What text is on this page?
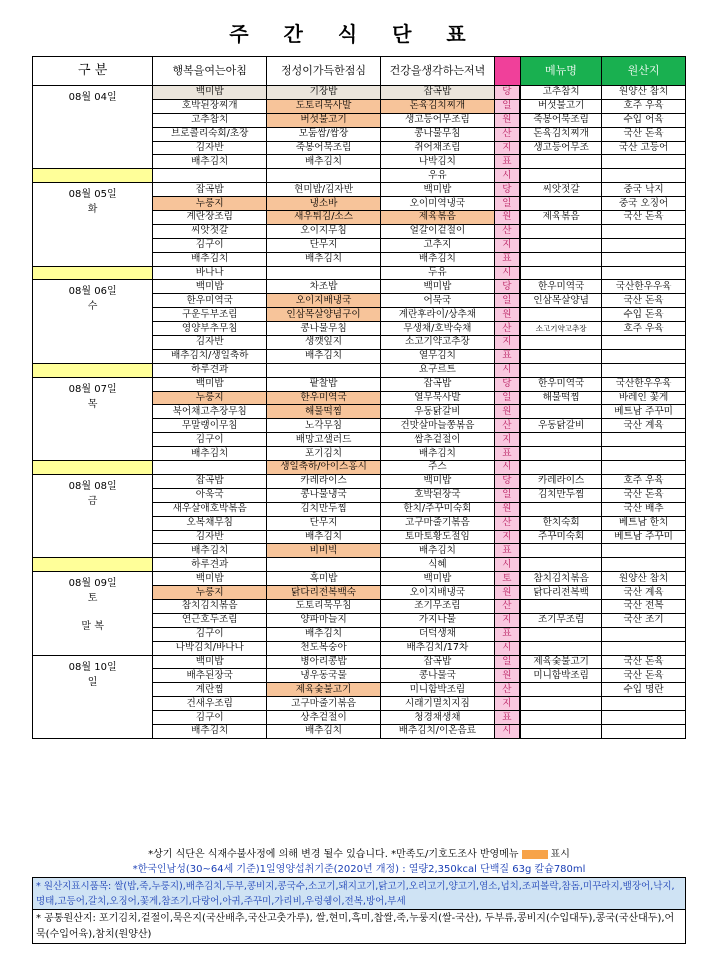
주 간 식 단 표
구 분	행복을여는아침	정성이가득한점심	건강을생각하는저녁		메뉴명	원산지

08월 04일	백미밥	기장밥	잡곡밥	당	고추참치	원양산 참치
	호박된장찌개	도토리묵사발	돈육김치찌개	일	버섯불고기	호주 우육
	고추참치	버섯불고기	생고등어무조림	원	죽봉어묵조림	수입 어육
	브로콜리숙회/초장	모둠쌈/쌈장	콩나물무침	산	돈육김치찌개	국산 돈육
	김자반	죽봉어묵조림	쥐어채조림	지	생고등어무조	국산 고등어
	배추김치	배추김치	나박김치	표		
			우유	시		

08월 05일
화	잡곡밥	현미밥/김자반	백미밥	당	씨앗젓갈	중국 낙지
	누룽지	냉소바	오이미역냉국	일		중국 오징어
	계란장조림	새우튀김/소스	제육볶음	원	제육볶음	국산 돈육
	씨앗젓갈	오이지무침	얼갈이겉절이	산		
	김구이	단무지	고추지	지		
	배추김치	배추김치	배추김치	표		
	바나나		두유	시		

08월 06일
수	백미밥	차조밥	백미밥	당	한우미역국	국산한우우육
	한우미역국	오이지배냉국	어묵국	일	인삼목살양념	국산 돈육
	구운두부조림	인삼목살양념구이	계란후라이/상추채	원		수입 돈육
	영양부추무침	콩나물무침	무생채/호박숙채	산	소고기약고추장	호주 우육
	김자반	생깻잎지	소고기약고추장	지		
	배추김치/생일축하	배추김치	열무김치	표		
	하루견과		요구르트	시		

08월 07일
목	백미밥	팥찰밥	잡곡밥	당	한우미역국	국산한우우육
	누룽지	한우미역국	열무묵사발	일	해물떡찜	바레인 꽃게
	북어채고추장무침	해물떡찜	우동닭갈비	원		베트남 주꾸미
	무말랭이무침	노각무침	건맛살마늘쫑볶음	산	우동닭갈비	국산 계육
	김구이	배망고샐러드	쌈추겉절이	지		
	배추김치	포기김치	배추김치	표		
		생일축하/아이스홍시	주스	시		

08월 08일
금	잡곡밥	카레라이스	백미밥	당	카레라이스	호주 우육
	아욱국	콩나물냉국	호박된장국	일	김치만두찜	국산 돈육
	새우살애호박볶음	김치만두찜	한치/주꾸미숙회	원		국산 배추
	오복채무침	단무지	고구마줄기볶음	산	한치숙회	베트남 한치
	김자반	배추김치	토마토황도절임	지	주꾸미숙회	베트남 주꾸미
	배추김치	비비빅	배추김치	표		
	하루견과		식혜	시		

08월 09일
토
말 복	백미밥	흑미밥	백미밥	토	참치김치볶음	원양산 참치
	누룽지	닭다리전복백숙	오이지배냉국	원	닭다리전복백	국산 계육
	참치김치볶음	도토리묵무침	조기무조림	산		국산 전복
	연근호두조림	양파마늘지	가지나물	지	조기무조림	국산 조기
	김구이	배추김치	더덕생채	표		
	나박김치/바나나	천도복숭아	배추김치/17차	시		

08월 10일
일	백미밥	병아리콩밥	잡곡밥	일	제육숯불고기	국산 돈육
	배추된장국	냉우동국물	콩나물국	원	미니함박조림	국산 돈육
	계란찜	제육숯불고기	미니함박조림	산		수입 명란
	건새우조림	고구마줄기볶음	시래기멸치지짐	지		
	김구이	상추겉절이	청경채생채	표		
	배추김치	배추김치	배추김치/이온음료	시		
*상기 식단은 식재수불사정에 의해 변경 될수 있습니다. *만족도/기호도조사 반영메뉴	표시
*한국인남성(30~64세 기준)1일영양섭취기준(2020년 개정) : 열량2,350kcal 단백질 63g 칼슘780ml
* 원산지표시품목: 쌀(밥,죽,누룽지),배추김치,두부,콩비지,콩국수,소고기,돼지고기,닭고기,오리고기,양고기,염소,넙치,조피볼락,참돔,미꾸라지,뱀장어,낙지,명태,고등어,갈치,오징어,꽃게,참조기,다랑어,아귀,주꾸미,가리비,우렁쉥이,전복,방어,부세
* 공통원산지: 포기김치,겉절이,묵은지(국산배추,국산고춧가루), 쌀,현미,흑미,찹쌀,죽,누룽지(쌀-국산), 두부류,콩비지(수입대두),콩국(국산대두),어묵(수입어육),참치(원양산)
